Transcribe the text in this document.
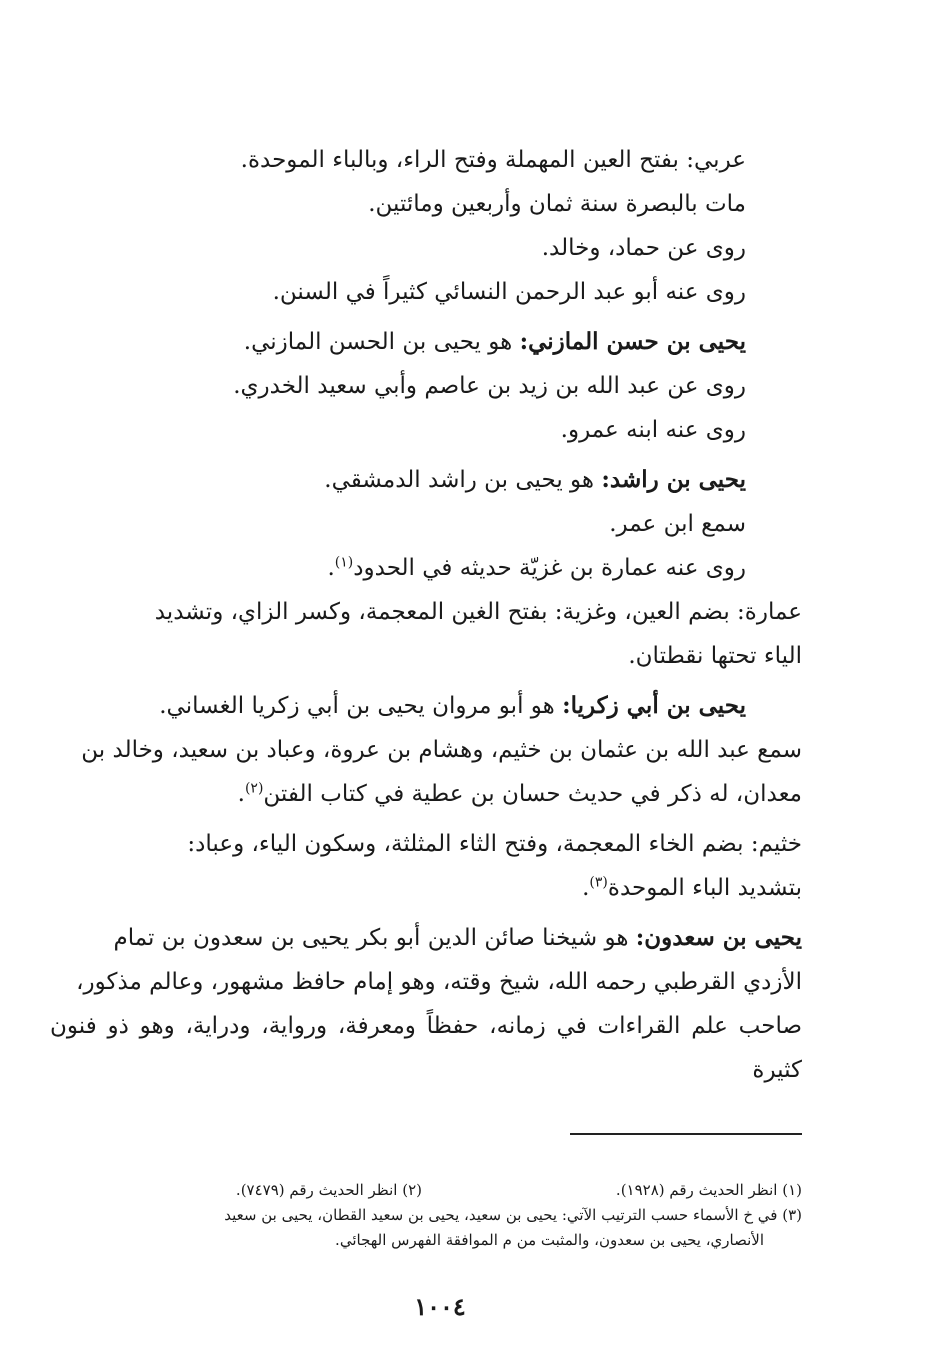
عربي: بفتح العين المهملة وفتح الراء، وبالباء الموحدة.

مات بالبصرة سنة ثمان وأربعين ومائتين.

روى عن حماد، وخالد.

روى عنه أبو عبد الرحمن النسائي كثيراً في السنن.

يحيى بن حسن المازني: هو يحيى بن الحسن المازني.

روى عن عبد الله بن زيد بن عاصم وأبي سعيد الخدري.

روى عنه ابنه عمرو.

يحيى بن راشد: هو يحيى بن راشد الدمشقي.

سمع ابن عمر.

روى عنه عمارة بن غزيّة حديثه في الحدود$^{(١)}$.

عمارة: بضم العين، وغزية: بفتح الغين المعجمة، وكسر الزاي، وتشديد

الياء تحتها نقطتان.

يحيى بن أبي زكريا: هو أبو مروان يحيى بن أبي زكريا الغساني.

سمع عبد الله بن عثمان بن خثيم، وهشام بن عروة، وعباد بن سعيد، وخالد بن

معدان، له ذكر في حديث حسان بن عطية في كتاب الفتن$^{(٢)}$.

خثيم: بضم الخاء المعجمة، وفتح الثاء المثلثة، وسكون الياء، وعباد:

بتشديد الباء الموحدة$^{(٣)}$.

يحيى بن سعدون: هو شيخنا صائن الدين أبو بكر يحيى بن سعدون بن تمام

الأزدي القرطبي رحمه الله، شيخ وقته، وهو إمام حافظ مشهور، وعالم مذكور،

صاحب علم القراءات في زمانه، حفظاً ومعرفة، ورواية، ودراية، وهو ذو فنون كثيرة

(١) انظر الحديث رقم (١٩٢٨).
(٢) انظر الحديث رقم (٧٤٧٩).

(٣) في خ الأسماء حسب الترتيب الآتي: يحيى بن سعيد، يحيى بن سعيد القطان، يحيى بن سعيد

الأنصاري، يحيى بن سعدون، والمثبت من م الموافقة الفهرس الهجائي.

١٠٠٤
